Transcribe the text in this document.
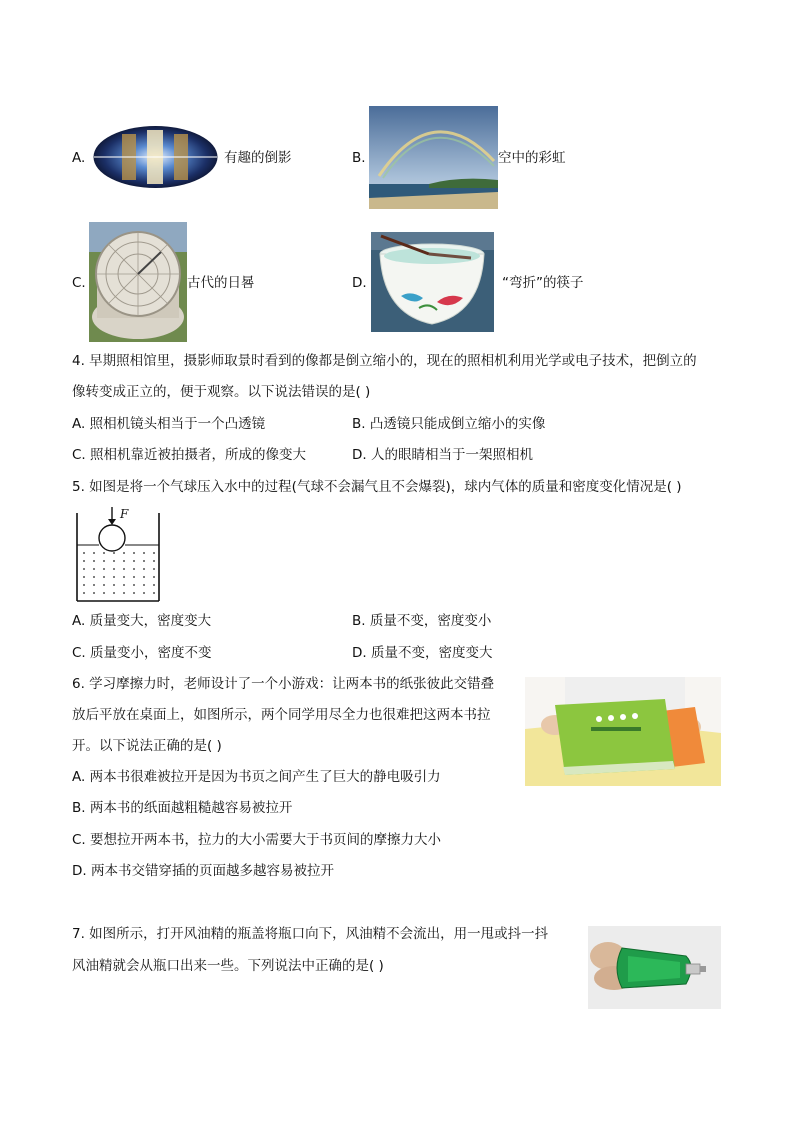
A.	有趣的倒影	B.	空中的彩虹
C.	古代的日晷	D.	“弯折”的筷子
4. 早期照相馆里，摄影师取景时看到的像都是倒立缩小的，现在的照相机利用光学或电子技术，把倒立的
像转变成正立的，便于观察。以下说法错误的是( )
A. 照相机镜头相当于一个凸透镜	B. 凸透镜只能成倒立缩小的实像
C. 照相机靠近被拍摄者，所成的像变大	D. 人的眼睛相当于一架照相机
5. 如图是将一个气球压入水中的过程(气球不会漏气且不会爆裂)，球内气体的质量和密度变化情况是( )
F
A. 质量变大，密度变大	B. 质量不变，密度变小
C. 质量变小，密度不变	D. 质量不变，密度变大
6. 学习摩擦力时，老师设计了一个小游戏：让两本书的纸张彼此交错叠
放后平放在桌面上，如图所示，两个同学用尽全力也很难把这两本书拉
开。以下说法正确的是( )
A. 两本书很难被拉开是因为书页之间产生了巨大的静电吸引力
B. 两本书的纸面越粗糙越容易被拉开
C. 要想拉开两本书，拉力的大小需要大于书页间的摩擦力大小
D. 两本书交错穿插的页面越多越容易被拉开
7. 如图所示，打开风油精的瓶盖将瓶口向下，风油精不会流出，用一甩或抖一抖
风油精就会从瓶口出来一些。下列说法中正确的是( )
